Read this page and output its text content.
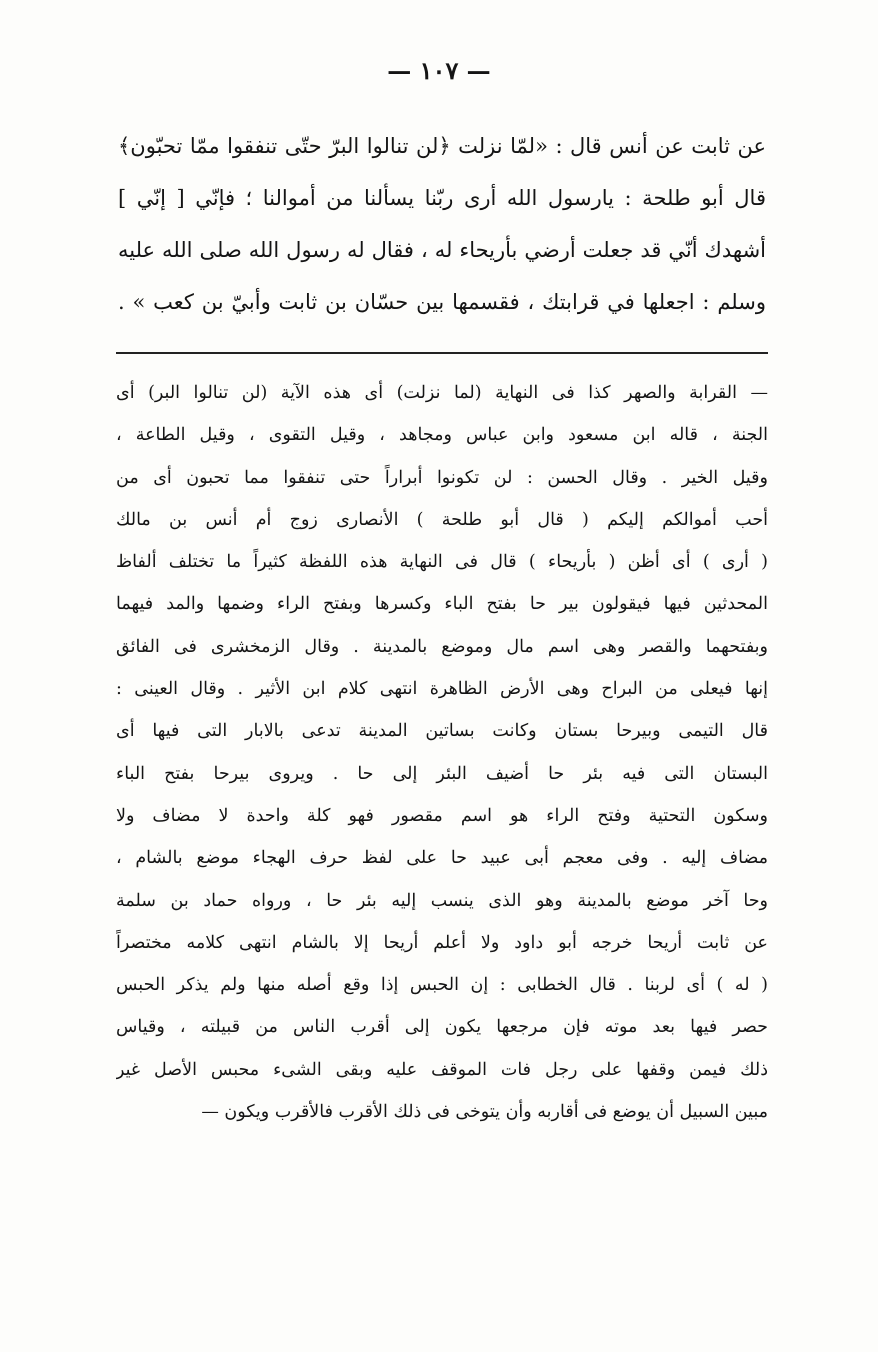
— ١٠٧ —
عن ثابت عن أنس قال : «لمّا نزلت ﴿لن تنالوا البرّ حتّى تنفقوا ممّا تحبّون﴾
قال أبو طلحة : يارسول الله أرى ربّنا يسألنا من أموالنا ؛ فإنّي [ إنّي ]
أشهدك أنّي قد جعلت أرضي بأريحاء له ، فقال له رسول الله صلى الله عليه
وسلم : اجعلها في قرابتك ، فقسمها بين حسّان بن ثابت وأبيّ بن كعب » .
— القرابة والصهر كذا فى النهاية (لما نزلت) أى هذه الآية (لن تنالوا البر) أى
الجنة ، قاله ابن مسعود وابن عباس ومجاهد ، وقيل التقوى ، وقيل الطاعة ،
وقيل الخير . وقال الحسن : لن تكونوا أبراراً حتى تنفقوا مما تحبون أى من
أحب أموالكم إليكم ( قال أبو طلحة ) الأنصارى زوج أم أنس بن مالك
( أرى ) أى أظن ( بأريحاء ) قال فى النهاية هذه اللفظة كثيراً ما تختلف ألفاظ
المحدثين فيها فيقولون بير حا بفتح الباء وكسرها وبفتح الراء وضمها والمد فيهما
وبفتحهما والقصر وهى اسم مال وموضع بالمدينة . وقال الزمخشرى فى الفائق
إنها فيعلى من البراح وهى الأرض الظاهرة انتهى كلام ابن الأثير . وقال العينى :
قال التيمى وبيرحا بستان وكانت بساتين المدينة تدعى بالابار التى فيها أى
البستان التى فيه بئر حا أضيف البئر إلى حا . ويروى بيرحا بفتح الباء
وسكون التحتية وفتح الراء هو اسم مقصور فهو كلة واحدة لا مضاف ولا
مضاف إليه . وفى معجم أبى عبيد حا على لفظ حرف الهجاء موضع بالشام ،
وحا آخر موضع بالمدينة وهو الذى ينسب إليه بئر حا ، ورواه حماد بن سلمة
عن ثابت أريحا خرجه أبو داود ولا أعلم أريحا إلا بالشام انتهى كلامه مختصراً
( له ) أى لربنا . قال الخطابى : إن الحبس إذا وقع أصله منها ولم يذكر الحبس
حصر فيها بعد موته فإن مرجعها يكون إلى أقرب الناس من قبيلته ، وقياس
ذلك فيمن وقفها على رجل فات الموقف عليه وبقى الشىء محبس الأصل غير
مبين السبيل أن يوضع فى أقاربه وأن يتوخى فى ذلك الأقرب فالأقرب ويكون —
